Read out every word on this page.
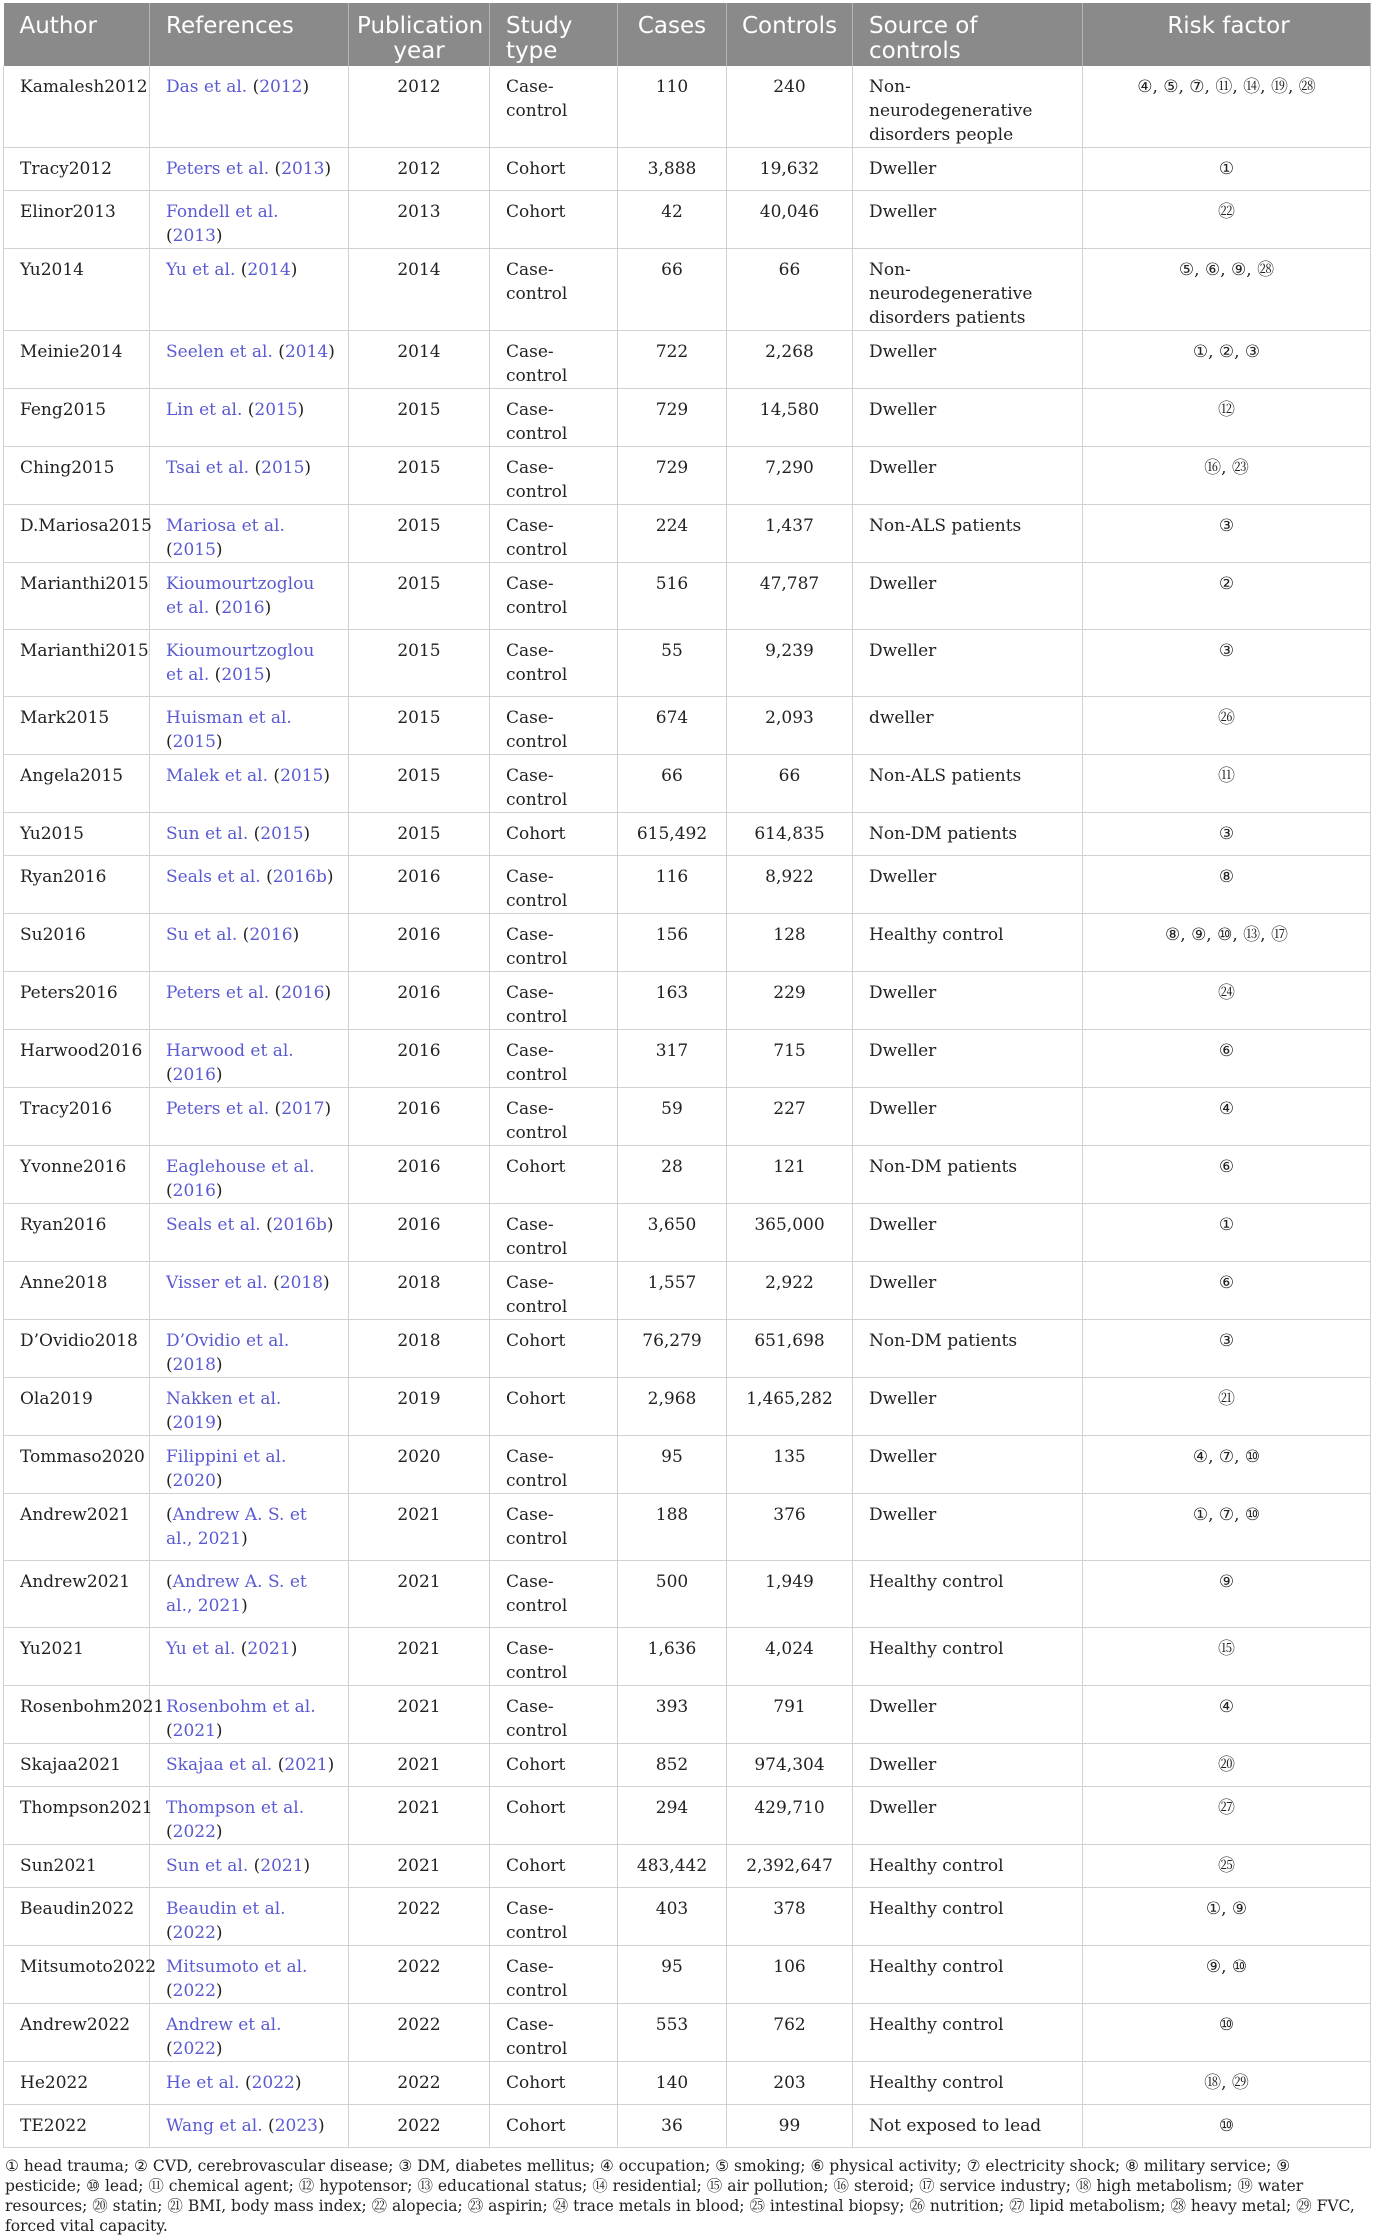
Author	References	Publication year	Study type	Cases	Controls	Source of controls	Risk factor
Kamalesh2012	Das et al. (2012)	2012	Case-control	110	240	Non-neurodegenerative disorders people	④, ⑤, ⑦, ⑪, ⑭, ⑲, ㉘
Tracy2012	Peters et al. (2013)	2012	Cohort	3,888	19,632	Dweller	①
Elinor2013	Fondell et al. (2013)	2013	Cohort	42	40,046	Dweller	㉒
Yu2014	Yu et al. (2014)	2014	Case-control	66	66	Non-neurodegenerative disorders patients	⑤, ⑥, ⑨, ㉘
Meinie2014	Seelen et al. (2014)	2014	Case-control	722	2,268	Dweller	①, ②, ③
Feng2015	Lin et al. (2015)	2015	Case-control	729	14,580	Dweller	⑫
Ching2015	Tsai et al. (2015)	2015	Case-control	729	7,290	Dweller	⑯, ㉓
D.Mariosa2015	Mariosa et al. (2015)	2015	Case-control	224	1,437	Non-ALS patients	③
Marianthi2015	Kioumourtzoglou et al. (2016)	2015	Case-control	516	47,787	Dweller	②
Marianthi2015	Kioumourtzoglou et al. (2015)	2015	Case-control	55	9,239	Dweller	③
Mark2015	Huisman et al. (2015)	2015	Case-control	674	2,093	dweller	㉖
Angela2015	Malek et al. (2015)	2015	Case-control	66	66	Non-ALS patients	⑪
Yu2015	Sun et al. (2015)	2015	Cohort	615,492	614,835	Non-DM patients	③
Ryan2016	Seals et al. (2016b)	2016	Case-control	116	8,922	Dweller	⑧
Su2016	Su et al. (2016)	2016	Case-control	156	128	Healthy control	⑧, ⑨, ⑩, ⑬, ⑰
Peters2016	Peters et al. (2016)	2016	Case-control	163	229	Dweller	㉔
Harwood2016	Harwood et al. (2016)	2016	Case-control	317	715	Dweller	⑥
Tracy2016	Peters et al. (2017)	2016	Case-control	59	227	Dweller	④
Yvonne2016	Eaglehouse et al. (2016)	2016	Cohort	28	121	Non-DM patients	⑥
Ryan2016	Seals et al. (2016b)	2016	Case-control	3,650	365,000	Dweller	①
Anne2018	Visser et al. (2018)	2018	Case-control	1,557	2,922	Dweller	⑥
D’Ovidio2018	D’Ovidio et al. (2018)	2018	Cohort	76,279	651,698	Non-DM patients	③
Ola2019	Nakken et al. (2019)	2019	Cohort	2,968	1,465,282	Dweller	㉑
Tommaso2020	Filippini et al. (2020)	2020	Case-control	95	135	Dweller	④, ⑦, ⑩
Andrew2021	(Andrew A. S. et al., 2021)	2021	Case-control	188	376	Dweller	①, ⑦, ⑩
Andrew2021	(Andrew A. S. et al., 2021)	2021	Case-control	500	1,949	Healthy control	⑨
Yu2021	Yu et al. (2021)	2021	Case-control	1,636	4,024	Healthy control	⑮
Rosenbohm2021	Rosenbohm et al. (2021)	2021	Case-control	393	791	Dweller	④
Skajaa2021	Skajaa et al. (2021)	2021	Cohort	852	974,304	Dweller	⑳
Thompson2021	Thompson et al. (2022)	2021	Cohort	294	429,710	Dweller	㉗
Sun2021	Sun et al. (2021)	2021	Cohort	483,442	2,392,647	Healthy control	㉕
Beaudin2022	Beaudin et al. (2022)	2022	Case-control	403	378	Healthy control	①, ⑨
Mitsumoto2022	Mitsumoto et al. (2022)	2022	Case-control	95	106	Healthy control	⑨, ⑩
Andrew2022	Andrew et al. (2022)	2022	Case-control	553	762	Healthy control	⑩
He2022	He et al. (2022)	2022	Cohort	140	203	Healthy control	⑱, ㉙
TE2022	Wang et al. (2023)	2022	Cohort	36	99	Not exposed to lead	⑩
① head trauma; ② CVD, cerebrovascular disease; ③ DM, diabetes mellitus; ④ occupation; ⑤ smoking; ⑥ physical activity; ⑦ electricity shock; ⑧ military service; ⑨ pesticide; ⑩ lead; ⑪ chemical agent; ⑫ hypotensor; ⑬ educational status; ⑭ residential; ⑮ air pollution; ⑯ steroid; ⑰ service industry; ⑱ high metabolism; ⑲ water resources; ⑳ statin; ㉑ BMI, body mass index; ㉒ alopecia; ㉓ aspirin; ㉔ trace metals in blood; ㉕ intestinal biopsy; ㉖ nutrition; ㉗ lipid metabolism; ㉘ heavy metal; ㉙ FVC, forced vital capacity.
